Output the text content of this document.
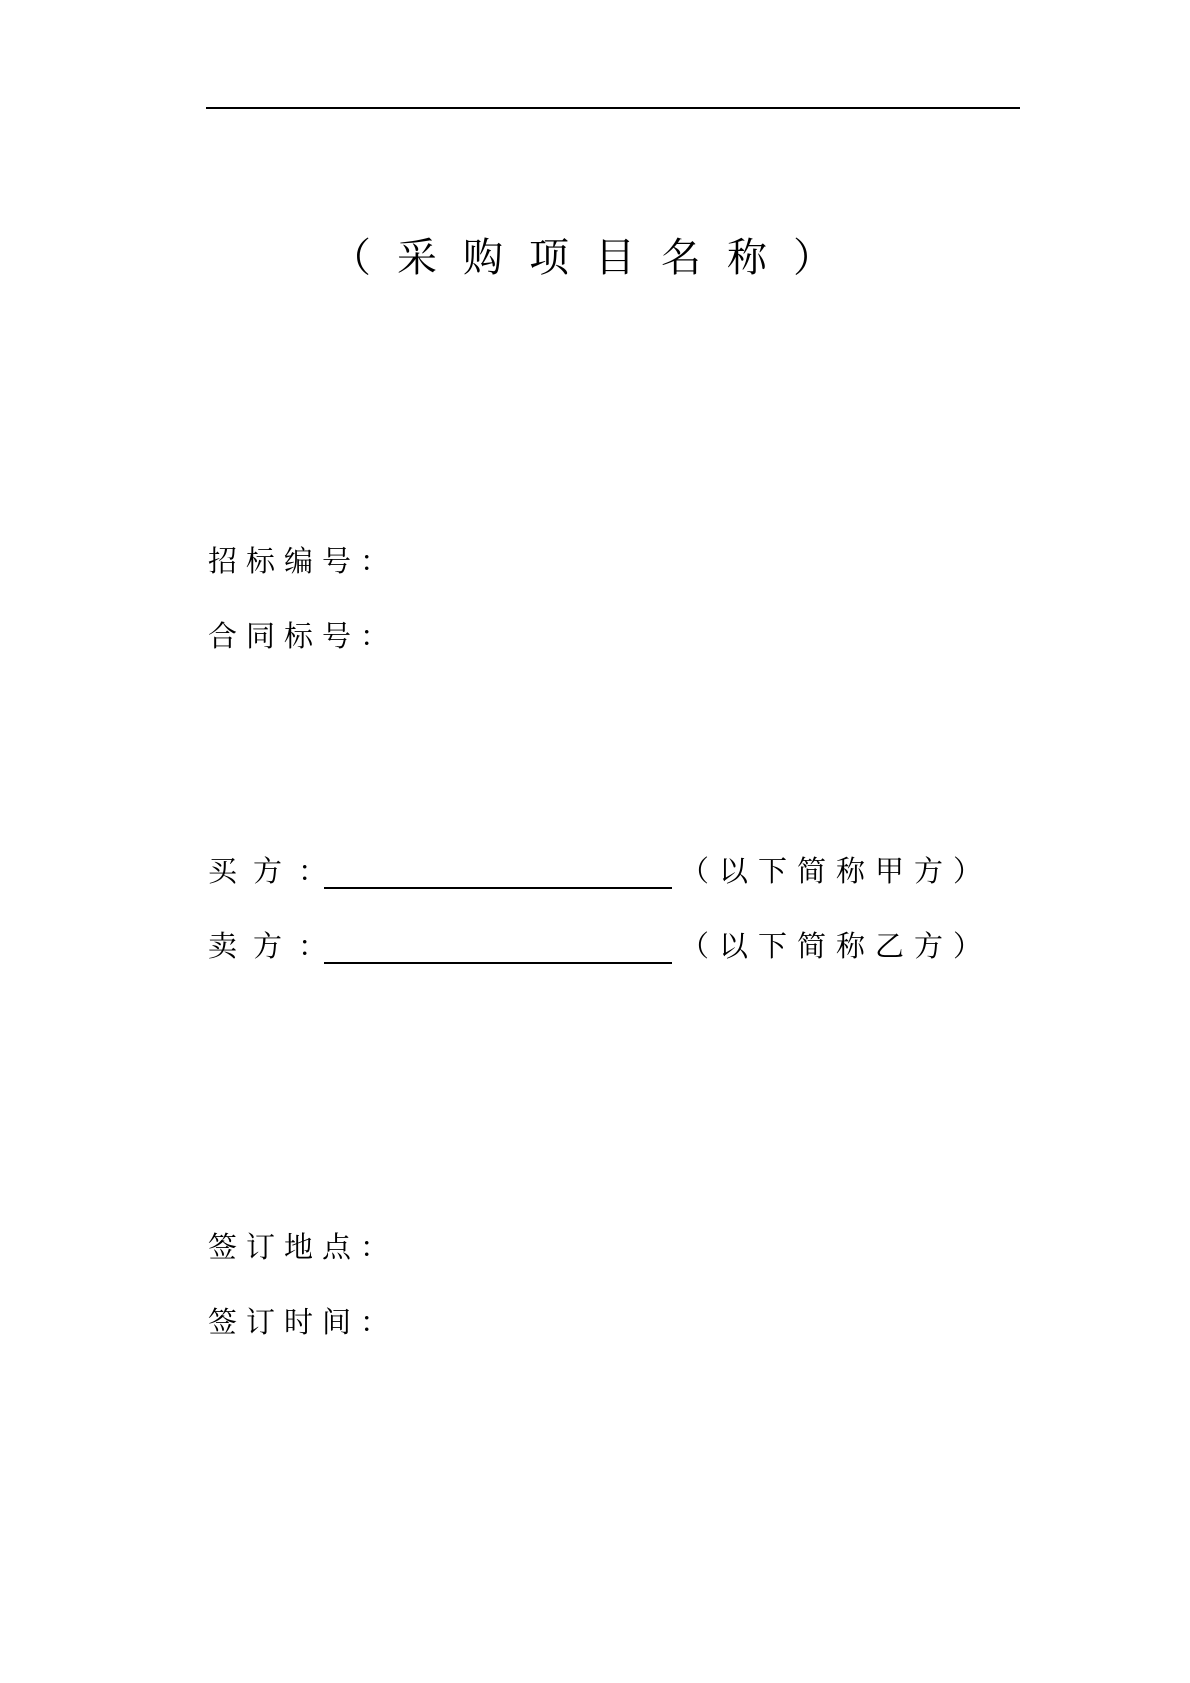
（采购项目名称）
招标编号：
合同标号：
买方：	（以下简称甲方）
卖方：	（以下简称乙方）
签订地点：
签订时间：
